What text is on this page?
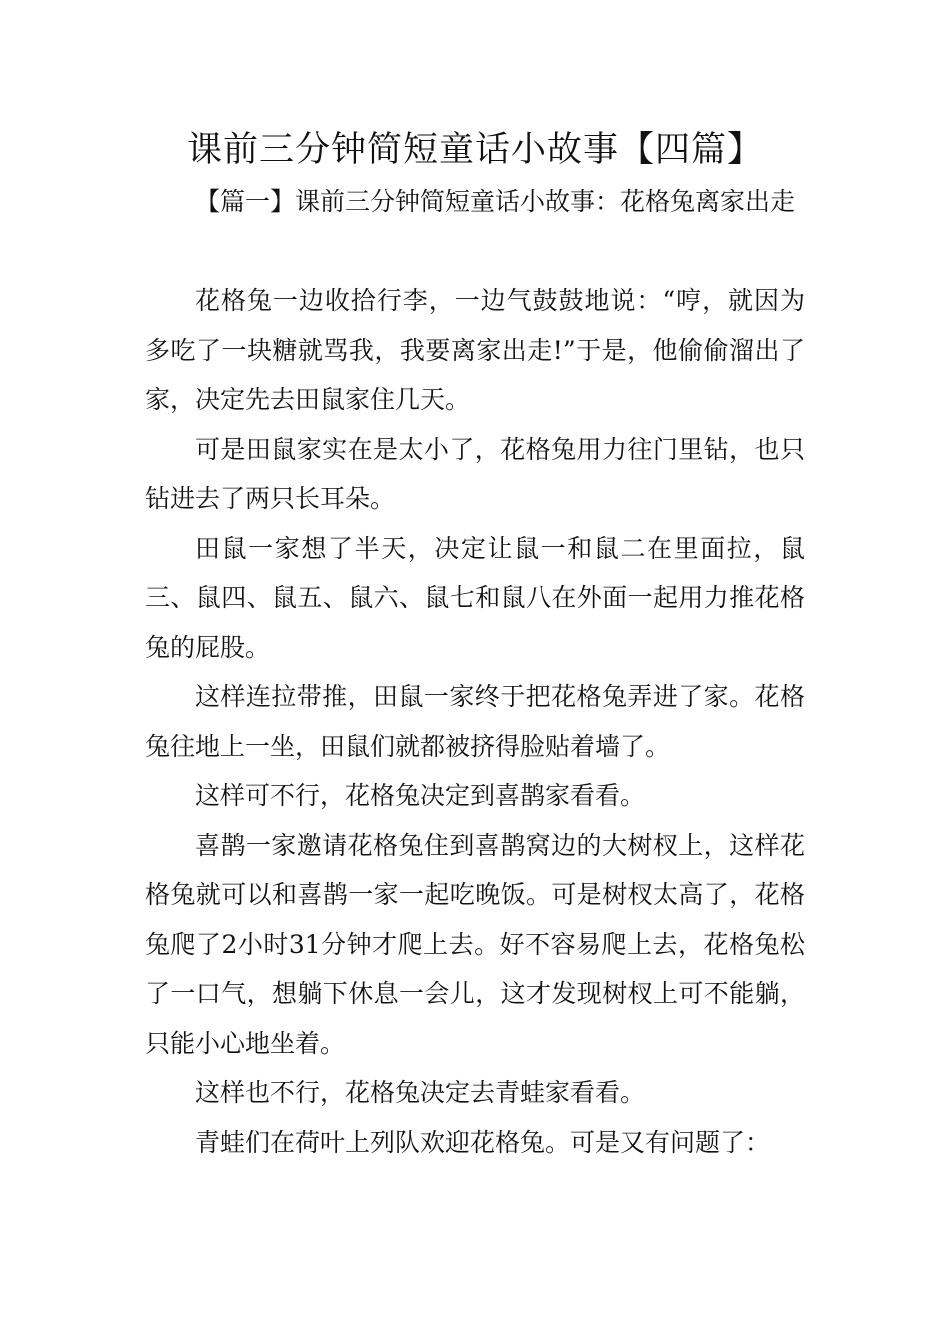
课前三分钟简短童话小故事【四篇】

【篇一】课前三分钟简短童话小故事：花格兔离家出走

花格兔一边收拾行李，一边气鼓鼓地说：“哼，就因为多吃了一块糖就骂我，我要离家出走!”于是，他偷偷溜出了家，决定先去田鼠家住几天。

可是田鼠家实在是太小了，花格兔用力往门里钻，也只钻进去了两只长耳朵。

田鼠一家想了半天，决定让鼠一和鼠二在里面拉，鼠三、鼠四、鼠五、鼠六、鼠七和鼠八在外面一起用力推花格兔的屁股。

这样连拉带推，田鼠一家终于把花格兔弄进了家。花格兔往地上一坐，田鼠们就都被挤得脸贴着墙了。

这样可不行，花格兔决定到喜鹊家看看。

喜鹊一家邀请花格兔住到喜鹊窝边的大树杈上，这样花格兔就可以和喜鹊一家一起吃晚饭。可是树杈太高了，花格兔爬了2小时31分钟才爬上去。好不容易爬上去，花格兔松了一口气，想躺下休息一会儿，这才发现树杈上可不能躺，只能小心地坐着。

这样也不行，花格兔决定去青蛙家看看。

青蛙们在荷叶上列队欢迎花格兔。可是又有问题了：
